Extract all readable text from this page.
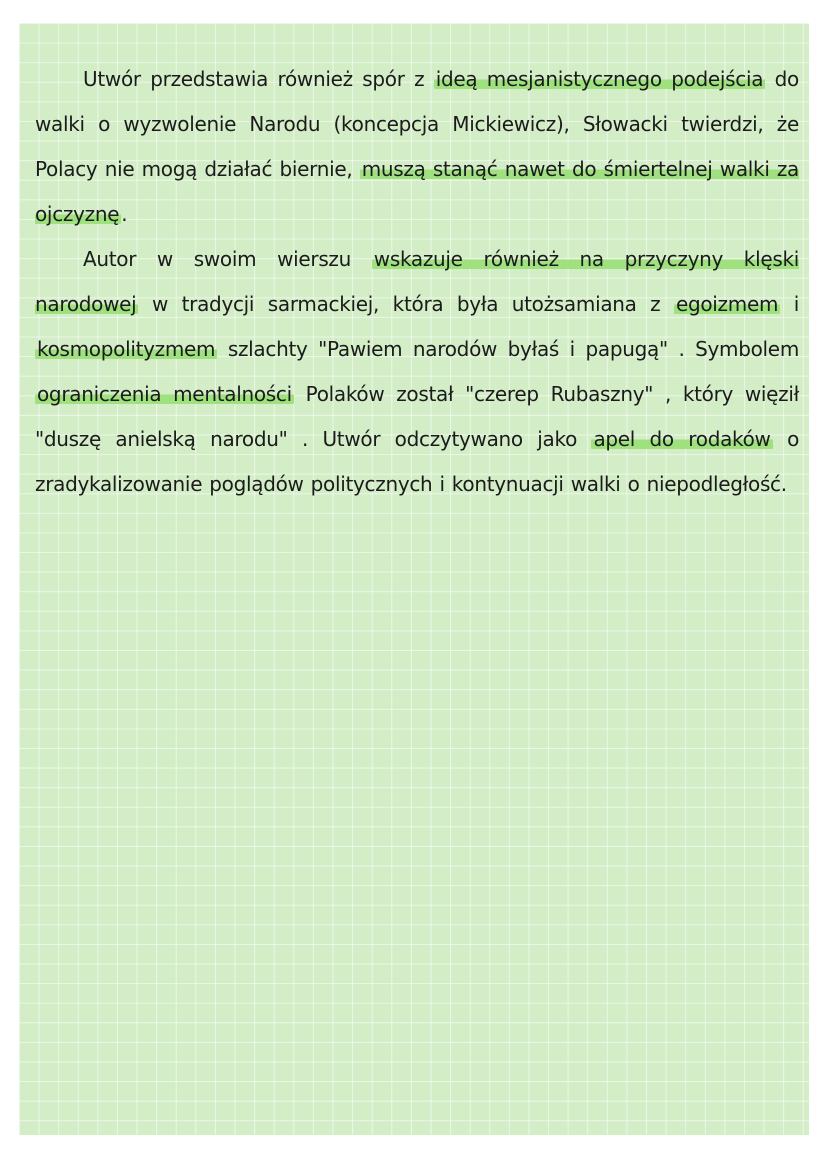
Utwór przedstawia również spór z ideą mesjanistycznego podejścia do walki o wyzwolenie Narodu (koncepcja Mickiewicz), Słowacki twierdzi, że Polacy nie mogą działać biernie, muszą stanąć nawet do śmiertelnej walki za ojczyznę .

Autor w swoim wierszu wskazuje również na przyczyny klęski narodowej w tradycji sarmackiej, która była utożsamiana z egoizmem i kosmopolityzmem szlachty "Pawiem narodów byłaś i papugą" . Symbolem ograniczenia mentalności Polaków został "czerep Rubaszny" , który więził "duszę anielską narodu" . Utwór odczytywano jako apel do rodaków o zradykalizowanie poglądów politycznych i kontynuacji walki o niepodległość.
